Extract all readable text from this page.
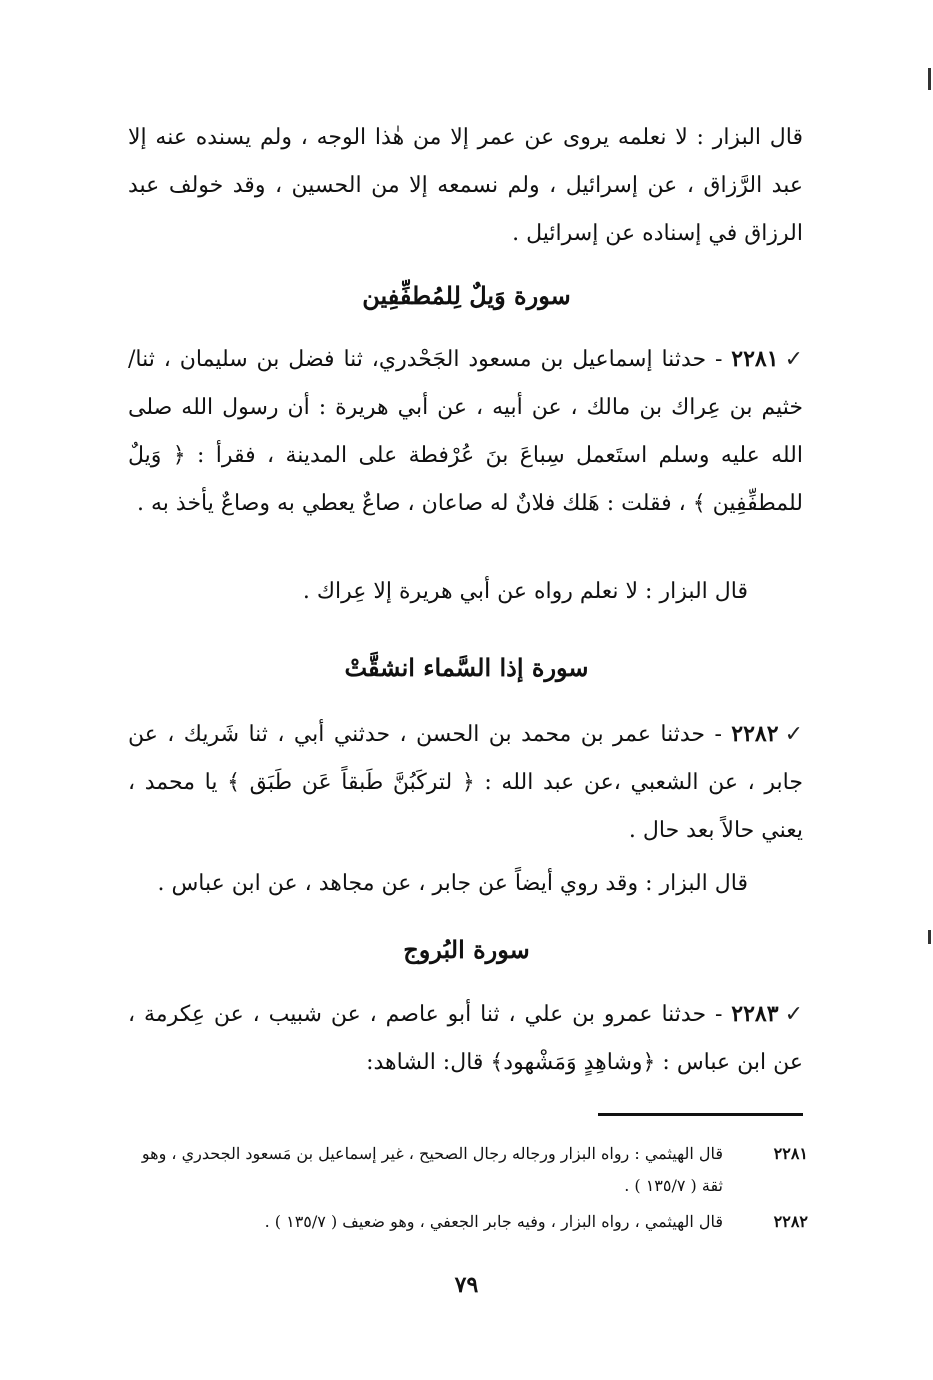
قال البزار : لا نعلمه يروى عن عمر إلا من هٰذا الوجه ، ولم يسنده عنه إلا عبد الرَّزاق ، عن إسرائيل ، ولم نسمعه إلا من الحسين ، وقد خولف عبد الرزاق في إسناده عن إسرائيل .
سورة وَيلٌ لِلمُطفِّفِين
✓٢٢٨١ - حدثنا إسماعيل بن مسعود الجَحْدري، ثنا فضل بن سليمان ، ثنا/ خثيم بن عِراك بن مالك ، عن أبيه ، عن أبي هريرة : أن رسول الله صلى الله عليه وسلم استَعمل سِباعَ بنَ عُرْفطة على المدينة ، فقرأ : ﴿ وَيلٌ للمطفِّفِين ﴾ ، فقلت : هَلك فلانٌ له صاعان ، صاعٌ يعطي به وصاعٌ يأخذ به .
قال البزار : لا نعلم رواه عن أبي هريرة إلا عِراك .
سورة إذا السَّماء انشقَّتْ
✓٢٢٨٢ - حدثنا عمر بن محمد بن الحسن ، حدثني أبي ، ثنا شَريك ، عن جابر ، عن الشعبي ،عن عبد الله : ﴿ لتركَبُنَّ طَبقاً عَن طَبَق ﴾ يا محمد ، يعني حالاً بعد حال .
قال البزار : وقد روي أيضاً عن جابر ، عن مجاهد ، عن ابن عباس .
سورة البُروج
✓٢٢٨٣ - حدثنا عمرو بن علي ، ثنا أبو عاصم ، عن شبيب ، عن عِكرمة ، عن ابن عباس : ﴿وشاهِدٍ وَمَشْهود﴾ قال: الشاهد:
٢٢٨١
قال الهيثمي : رواه البزار ورجاله رجال الصحيح ، غير إسماعيل بن مَسعود الجحدري ، وهو ثقة ( ١٣٥/٧ ) .
٢٢٨٢
قال الهيثمي ، رواه البزار ، وفيه جابر الجعفي ، وهو ضعيف ( ١٣٥/٧ ) .
٧٩
